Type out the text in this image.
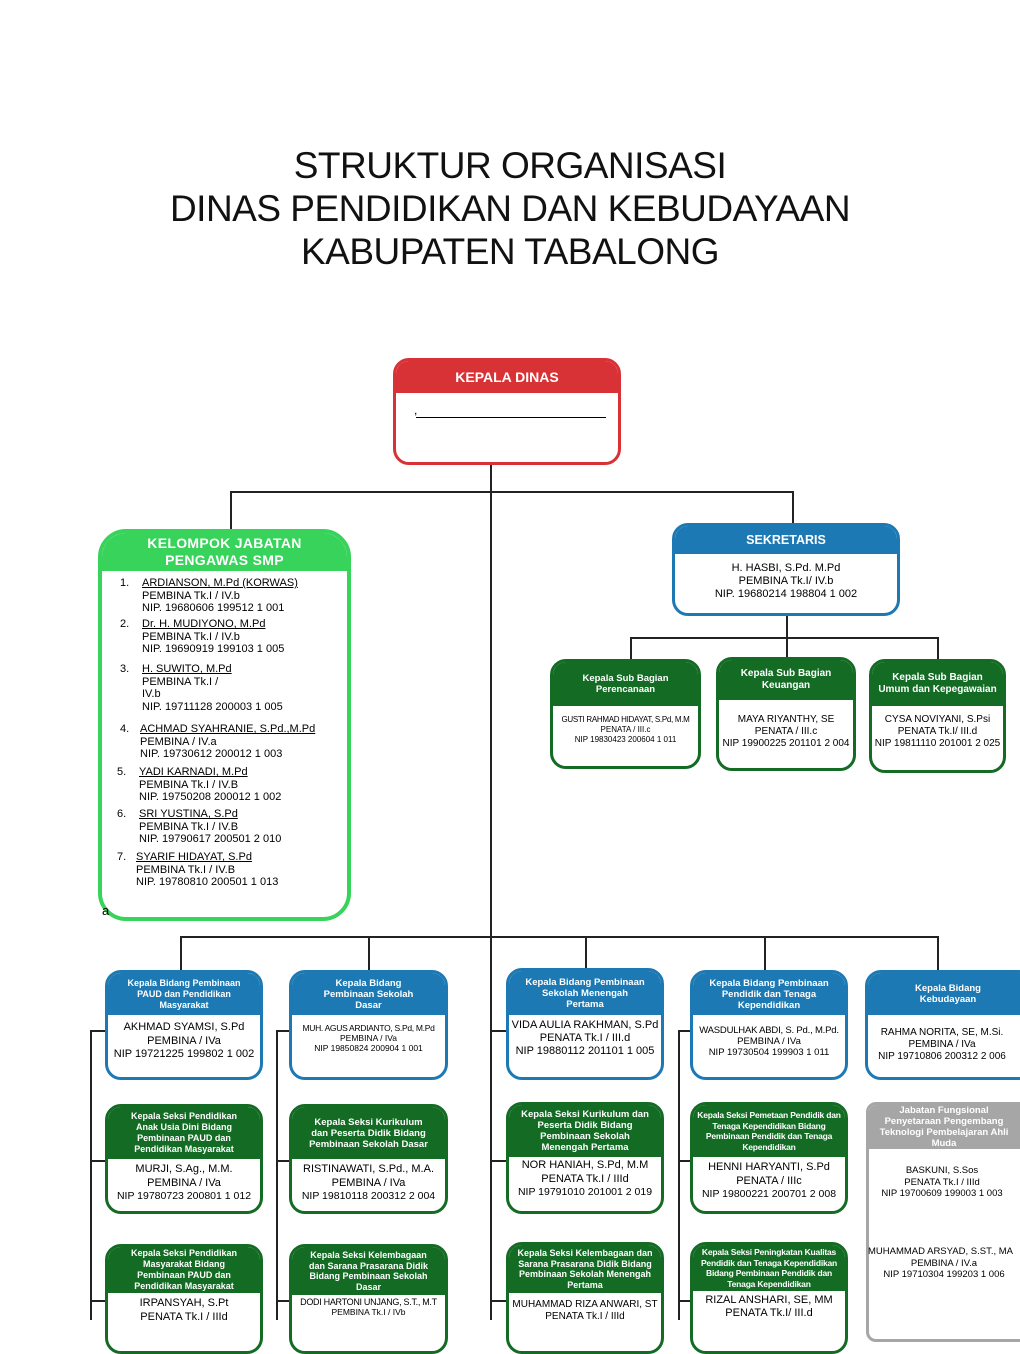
STRUKTUR ORGANISASI
DINAS PENDIDIKAN DAN KEBUDAYAAN
KABUPATEN TABALONG
KEPALA DINAS
,
KELOMPOK JABATAN
PENGAWAS SMP
1. ARDIANSON, M.Pd (KORWAS)
PEMBINA Tk.I / IV.b
NIP. 19680606 199512 1 001
2. Dr. H. MUDIYONO, M.Pd
PEMBINA Tk.I / IV.b
NIP. 19690919 199103 1 005
3. H. SUWITO, M.Pd
PEMBINA Tk.I /
IV.b
NIP. 19711128 200003 1 005
4. ACHMAD SYAHRANIE, S.Pd.,M.Pd
PEMBINA / IV.a
NIP. 19730612 200012 1 003
5. YADI KARNADI, M.Pd
PEMBINA Tk.I / IV.B
NIP. 19750208 200012 1 002
6. SRI YUSTINA, S.Pd
PEMBINA Tk.I / IV.B
NIP. 19790617 200501 2 010
7. SYARIF HIDAYAT, S.Pd
PEMBINA Tk.I / IV.B
NIP. 19780810 200501 1 013
a
SEKRETARIS
H. HASBI, S.Pd. M.Pd
PEMBINA Tk.I/ IV.b
NIP. 19680214 198804 1 002
Kepala Sub Bagian
Perencanaan
GUSTI RAHMAD HIDAYAT, S.Pd, M.M
PENATA / III.c
NIP 19830423 200604 1 011
Kepala Sub Bagian
Keuangan
MAYA RIYANTHY, SE
PENATA / III.c
NIP 19900225 201101 2 004
Kepala Sub Bagian
Umum dan Kepegawaian
CYSA NOVIYANI, S.Psi
PENATA Tk.I/ III.d
NIP 19811110 201001 2 025
Kepala Bidang Pembinaan PAUD dan Pendidikan Masyarakat
AKHMAD SYAMSI, S.Pd
PEMBINA / IVa
NIP 19721225 199802 1 002
Kepala Bidang Pembinaan Sekolah Dasar
MUH. AGUS ARDIANTO, S.Pd, M.Pd
PEMBINA / IVa
NIP 19850824 200904 1 001
Kepala Bidang Pembinaan Sekolah Menengah Pertama
VIDA AULIA RAKHMAN, S.Pd
PENATA Tk.I / III.d
NIP 19880112 201101 1 005
Kepala Bidang Pembinaan Pendidik dan Tenaga Kependidikan
WASDULHAK ABDI, S. Pd., M.Pd.
PEMBINA / IVa
NIP 19730504 199903 1 011
Kepala Bidang Kebudayaan
RAHMA NORITA, SE, M.Si.
PEMBINA / IVa
NIP 19710806 200312 2 006
Kepala Seksi Pendidikan Anak Usia Dini Bidang Pembinaan PAUD dan Pendidikan Masyarakat
MURJI, S.Ag., M.M.
PEMBINA / IVa
NIP 19780723 200801 1 012
Kepala Seksi Kurikulum dan Peserta Didik Bidang Pembinaan Sekolah Dasar
RISTINAWATI, S.Pd., M.A.
PEMBINA / IVa
NIP 19810118 200312 2 004
Kepala Seksi Kurikulum dan Peserta Didik Bidang Pembinaan Sekolah Menengah Pertama
NOR HANIAH, S.Pd, M.M
PENATA Tk.I / IIId
NIP 19791010 201001 2 019
Kepala Seksi Pemetaan Pendidik dan Tenaga Kependidikan Bidang Pembinaan Pendidik dan Tenaga Kependidikan
HENNI HARYANTI, S.Pd
PENATA / IIIc
NIP 19800221 200701 2 008
Jabatan Fungsional Penyetaraan Pengembang Teknologi Pembelajaran Ahli Muda
BASKUNI, S.Sos
PENATA Tk.I / IIId
NIP 19700609 199003 1 003
MUHAMMAD ARSYAD, S.ST., MA
PEMBINA / IV.a
NIP 19710304 199203 1 006
Kepala Seksi Pendidikan Masyarakat Bidang Pembinaan PAUD dan Pendidikan Masyarakat
IRPANSYAH, S.Pt
PENATA Tk.I / IIId
Kepala Seksi Kelembagaan dan Sarana Prasarana Didik Bidang Pembinaan Sekolah Dasar
DODI HARTONI UNJANG, S.T., M.T
PEMBINA Tk.I / IVb
Kepala Seksi Kelembagaan dan Sarana Prasarana Didik Bidang Pembinaan Sekolah Menengah Pertama
MUHAMMAD RIZA ANWARI, ST
PENATA Tk.I / IIId
Kepala Seksi Peningkatan Kualitas Pendidik dan Tenaga Kependidikan Bidang Pembinaan Pendidik dan Tenaga Kependidikan
RIZAL ANSHARI, SE, MM
PENATA Tk.I/ III.d
